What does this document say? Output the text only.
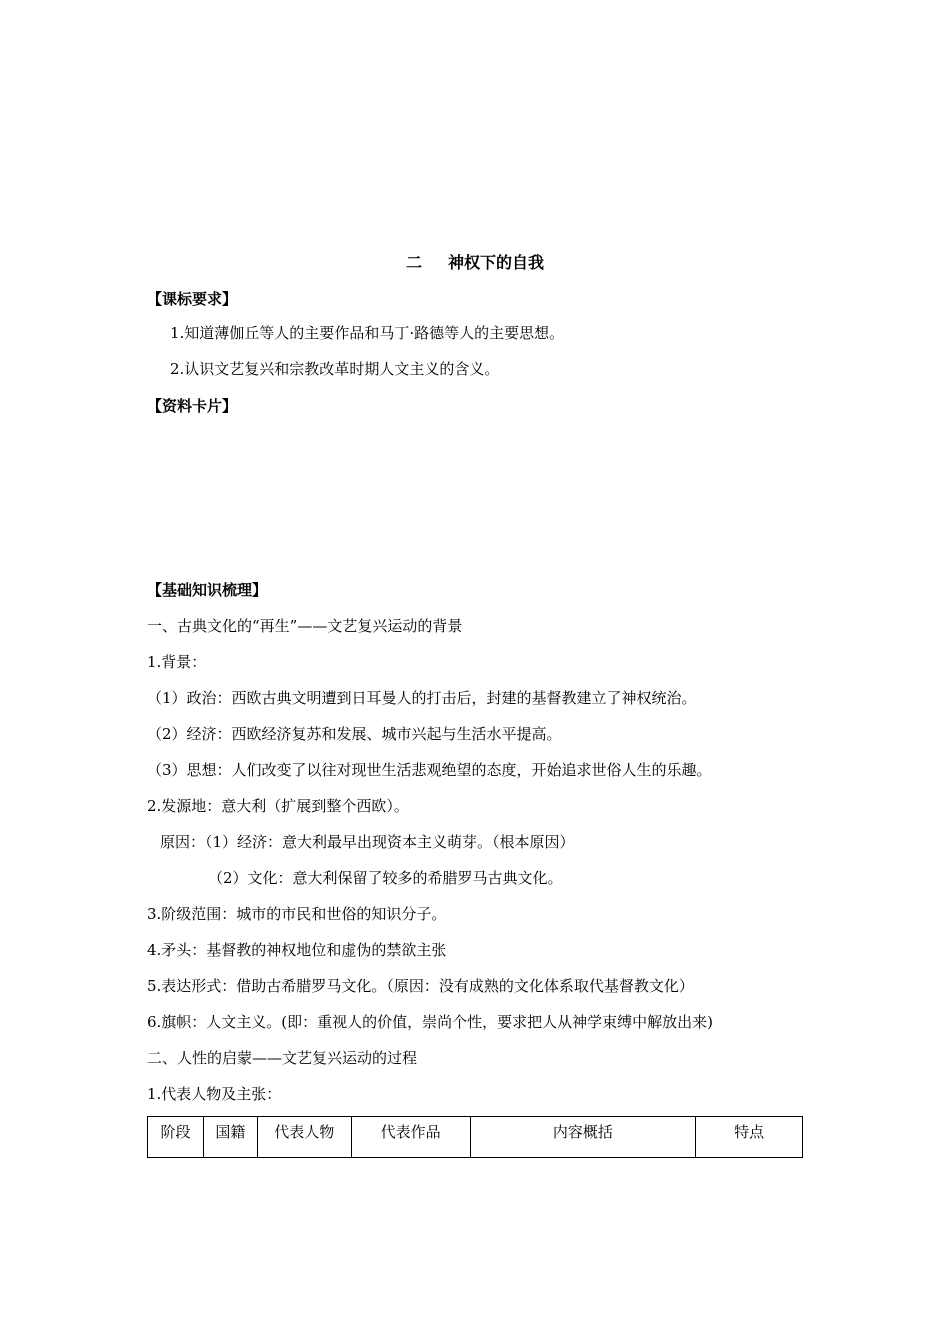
二 神权下的自我
【课标要求】
1.知道薄伽丘等人的主要作品和马丁·路德等人的主要思想。
2.认识文艺复兴和宗教改革时期人文主义的含义。
【资料卡片】
【基础知识梳理】
一、古典文化的“再生”——文艺复兴运动的背景
1.背景：
（1）政治：西欧古典文明遭到日耳曼人的打击后，封建的基督教建立了神权统治。
（2）经济：西欧经济复苏和发展、城市兴起与生活水平提高。
（3）思想：人们改变了以往对现世生活悲观绝望的态度，开始追求世俗人生的乐趣。
2.发源地：意大利（扩展到整个西欧）。
原因：（1）经济：意大利最早出现资本主义萌芽。（根本原因）
（2）文化：意大利保留了较多的希腊罗马古典文化。
3.阶级范围：城市的市民和世俗的知识分子。
4.矛头：基督教的神权地位和虚伪的禁欲主张
5.表达形式：借助古希腊罗马文化。（原因：没有成熟的文化体系取代基督教文化）
6.旗帜：人文主义。(即：重视人的价值，崇尚个性，要求把人从神学束缚中解放出来)
二、人性的启蒙——文艺复兴运动的过程
1.代表人物及主张：
阶段	国籍	代表人物	代表作品	内容概括	特点
